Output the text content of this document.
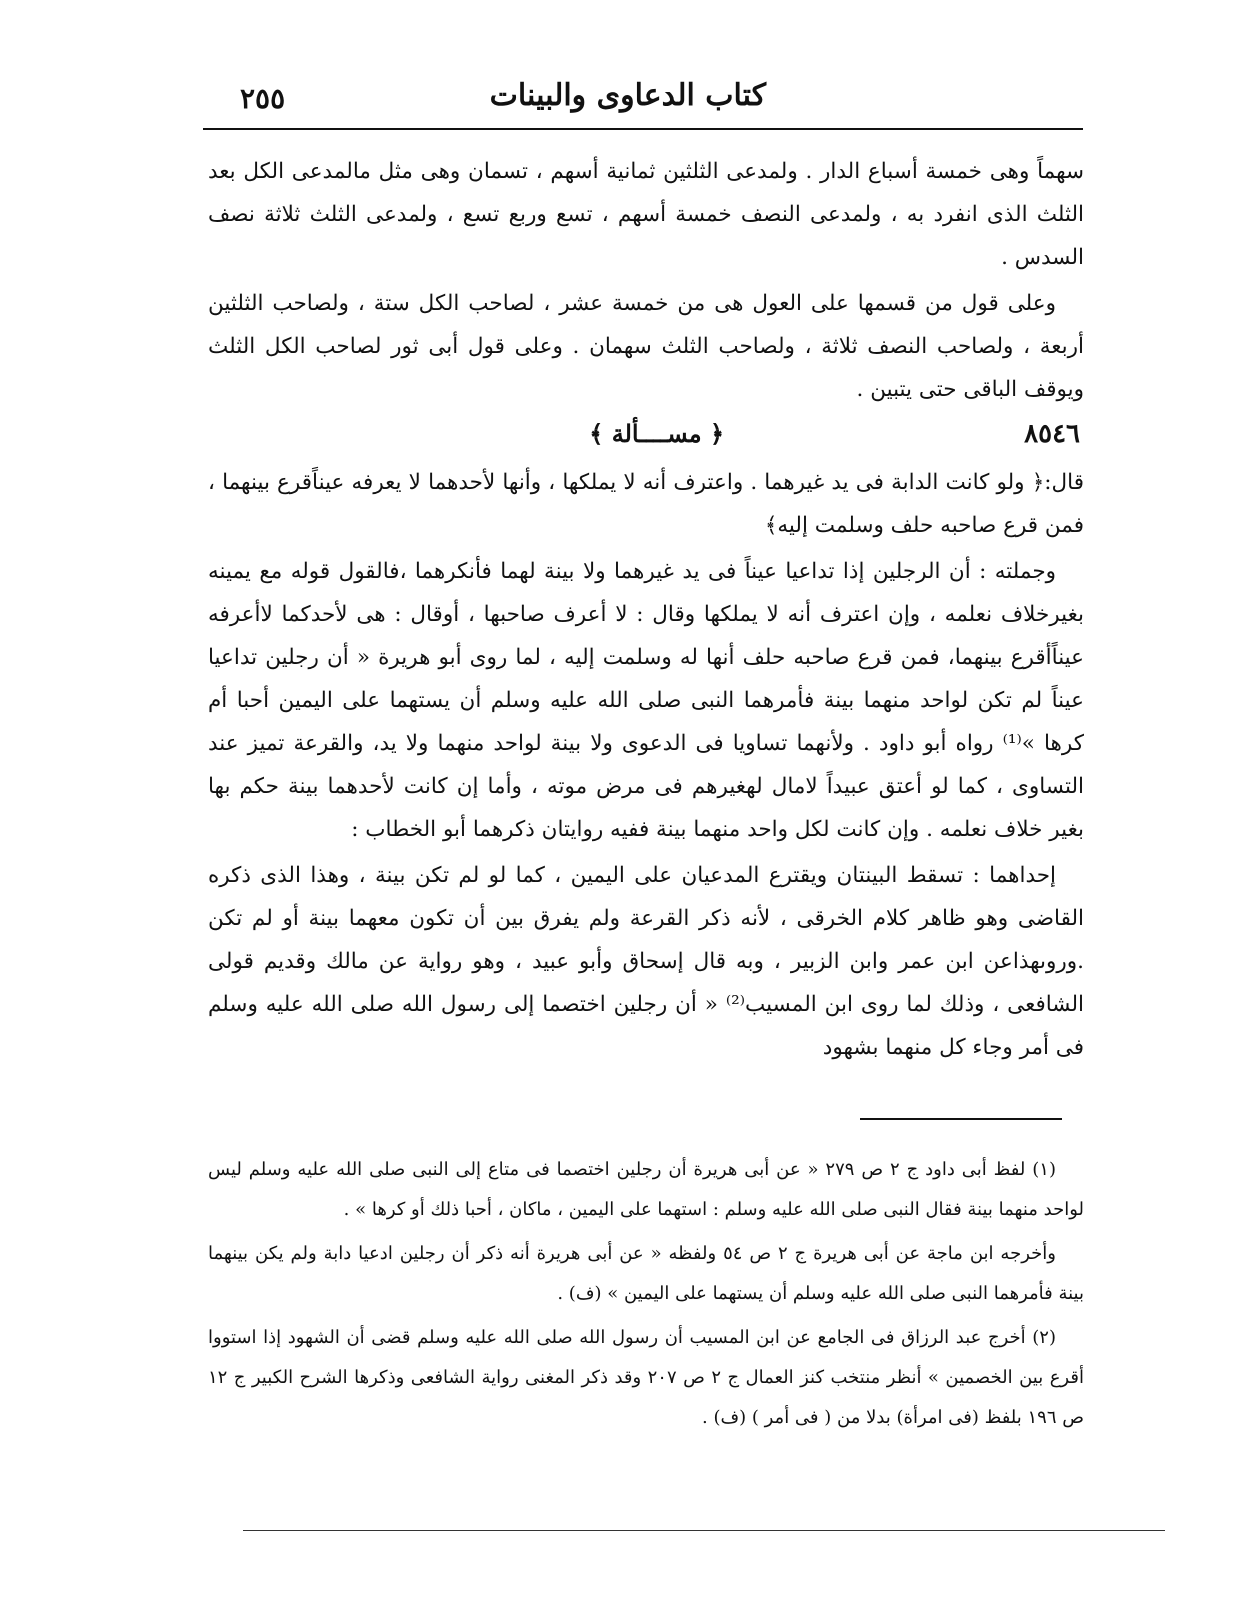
كتاب الدعاوى والبينات
٢٥٥

سهماً وهى خمسة أسباع الدار . ولمدعى الثلثين ثمانية أسهم ، تسمان وهى مثل مالمدعى الكل بعد الثلث الذى انفرد به ، ولمدعى النصف خمسة أسهم ، تسع وربع تسع ، ولمدعى الثلث ثلاثة نصف السدس .

وعلى قول من قسمها على العول هى من خمسة عشر ، لصاحب الكل ستة ، ولصاحب الثلثين أربعة ، ولصاحب النصف ثلاثة ، ولصاحب الثلث سهمان . وعلى قول أبى ثور لصاحب الكل الثلث ويوقف الباقى حتى يتبين .

٨٥٤٦
﴿ مســــألة ﴾

قال:﴿ ولو كانت الدابة فى يد غيرهما . واعترف أنه لا يملكها ، وأنها لأحدهما لا يعرفه عيناًقرع بينهما ، فمن قرع صاحبه حلف وسلمت إليه﴾

وجملته : أن الرجلين إذا تداعيا عيناً فى يد غيرهما ولا بينة لهما فأنكرهما ،فالقول قوله مع يمينه بغيرخلاف نعلمه ، وإن اعترف أنه لا يملكها وقال : لا أعرف صاحبها ، أوقال : هى لأحدكما لاأعرفه عيناًأقرع بينهما، فمن قرع صاحبه حلف أنها له وسلمت إليه ، لما روى أبو هريرة « أن رجلين تداعيا عيناً لم تكن لواحد منهما بينة فأمرهما النبى صلى الله عليه وسلم أن يستهما على اليمين أحبا أم كرها »⁽¹⁾ رواه أبو داود . ولأنهما تساويا فى الدعوى ولا بينة لواحد منهما ولا يد، والقرعة تميز عند التساوى ، كما لو أعتق عبيداً لامال لهغيرهم فى مرض موته ، وأما إن كانت لأحدهما بينة حكم بها بغير خلاف نعلمه . وإن كانت لكل واحد منهما بينة ففيه روايتان ذكرهما أبو الخطاب :

إحداهما : تسقط البينتان ويقترع المدعيان على اليمين ، كما لو لم تكن بينة ، وهذا الذى ذكره القاضى وهو ظاهر كلام الخرقى ، لأنه ذكر القرعة ولم يفرق بين أن تكون معهما بينة أو لم تكن .وروىهذاعن ابن عمر وابن الزبير ، وبه قال إسحاق وأبو عبيد ، وهو رواية عن مالك وقديم قولى الشافعى ، وذلك لما روى ابن المسيب⁽²⁾ « أن رجلين اختصما إلى رسول الله صلى الله عليه وسلم فى أمر وجاء كل منهما بشهود

(١) لفظ أبى داود ج ٢ ص ٢٧٩ « عن أبى هريرة أن رجلين اختصما فى متاع إلى النبى صلى الله عليه وسلم ليس لواحد منهما بينة فقال النبى صلى الله عليه وسلم : استهما على اليمين ، ماكان ، أحبا ذلك أو كرها » .

وأخرجه ابن ماجة عن أبى هريرة ج ٢ ص ٥٤ ولفظه « عن أبى هريرة أنه ذكر أن رجلين ادعيا دابة ولم يكن بينهما بينة فأمرهما النبى صلى الله عليه وسلم أن يستهما على اليمين » (ف) .

(٢) أخرج عبد الرزاق فى الجامع عن ابن المسيب أن رسول الله صلى الله عليه وسلم قضى أن الشهود إذا استووا أقرع بين الخصمين » أنظر منتخب كنز العمال ج ٢ ص ٢٠٧ وقد ذكر المغنى رواية الشافعى وذكرها الشرح الكبير ج ١٢ ص ١٩٦ بلفظ (فى امرأة) بدلا من ( فى أمر ) (ف) .
